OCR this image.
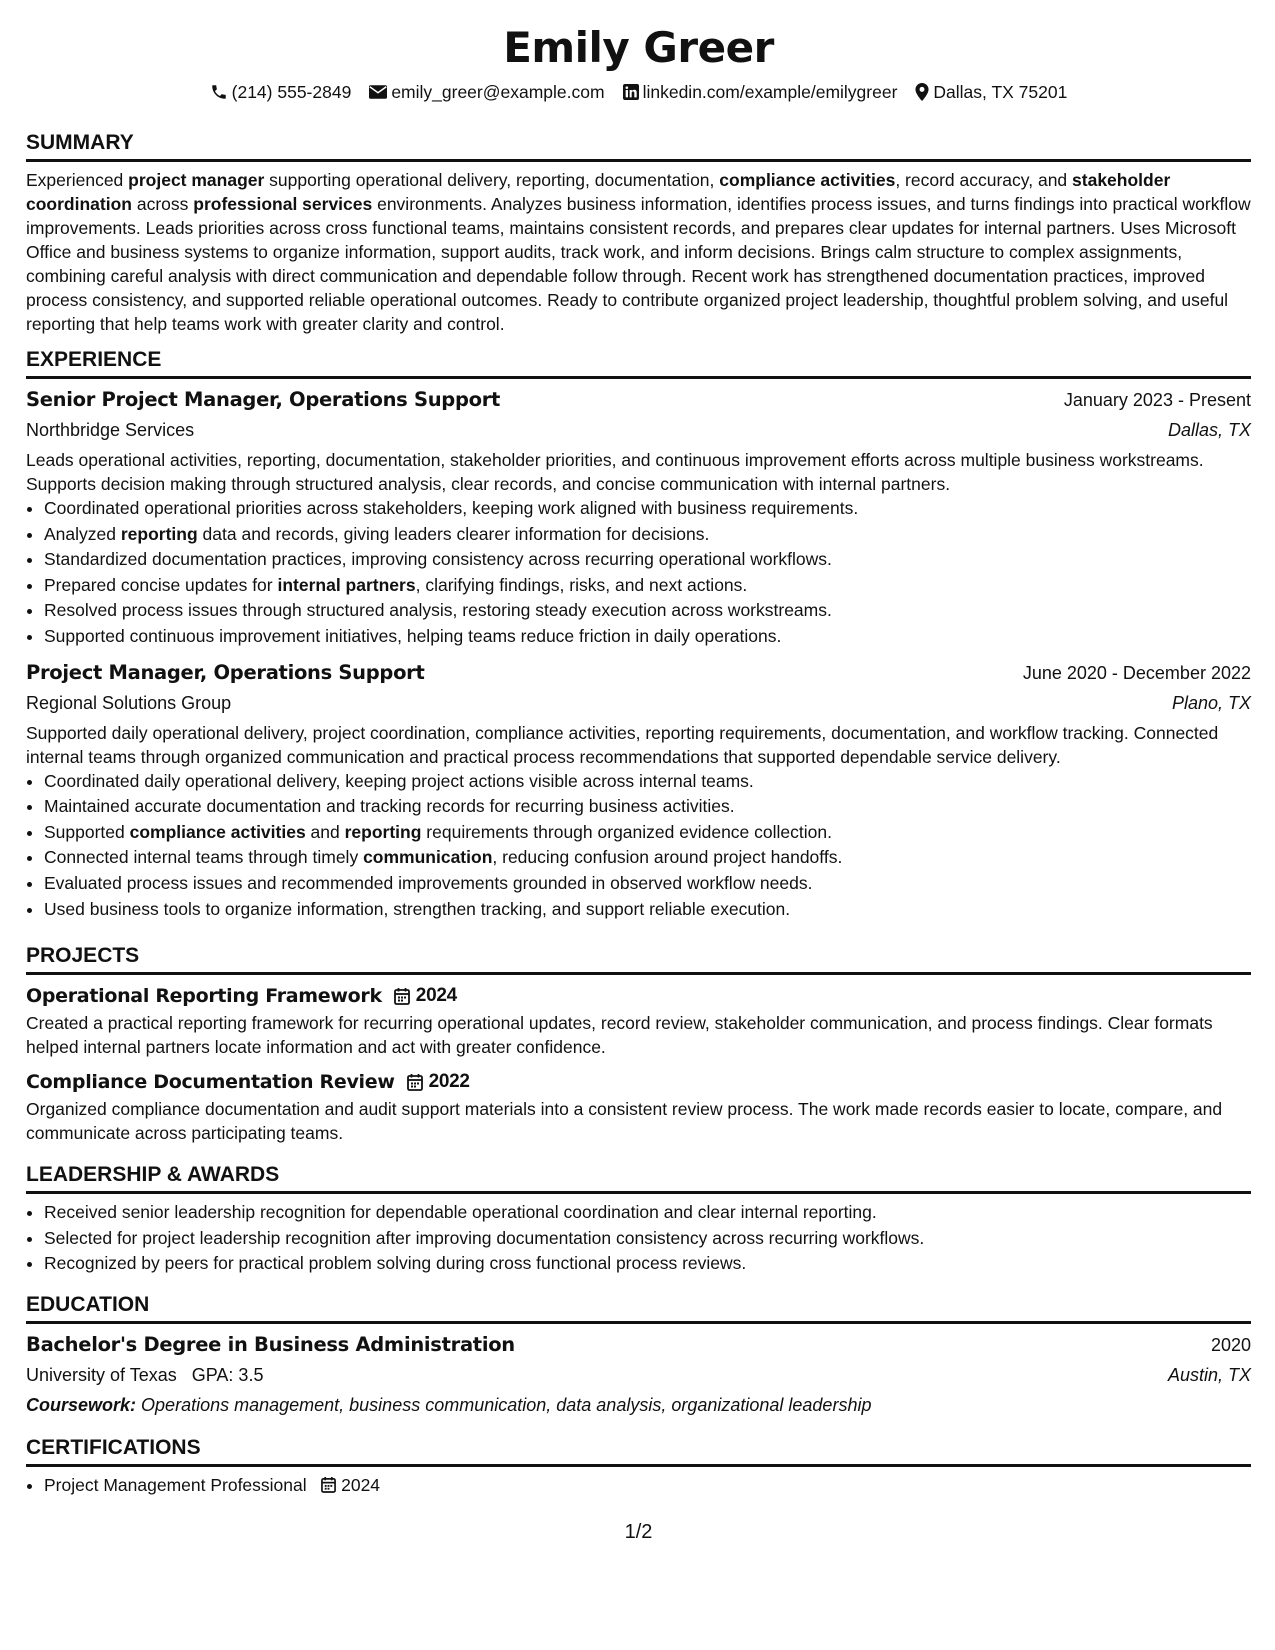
Emily Greer
(214) 555-2849 emily_greer@example.com linkedin.com/example/emilygreer Dallas, TX 75201
SUMMARY

Experienced project manager supporting operational delivery, reporting, documentation, compliance activities, record accuracy, and stakeholder coordination across professional services environments. Analyzes business information, identifies process issues, and turns findings into practical workflow improvements. Leads priorities across cross functional teams, maintains consistent records, and prepares clear updates for internal partners. Uses Microsoft Office and business systems to organize information, support audits, track work, and inform decisions. Brings calm structure to complex assignments, combining careful analysis with direct communication and dependable follow through. Recent work has strengthened documentation practices, improved process consistency, and supported reliable operational outcomes. Ready to contribute organized project leadership, thoughtful problem solving, and useful reporting that help teams work with greater clarity and control.

EXPERIENCE
Senior Project Manager, Operations Support	January 2023 - Present
Northbridge Services	Dallas, TX

Leads operational activities, reporting, documentation, stakeholder priorities, and continuous improvement efforts across multiple business workstreams. Supports decision making through structured analysis, clear records, and concise communication with internal partners.

• Coordinated operational priorities across stakeholders, keeping work aligned with business requirements.
• Analyzed reporting data and records, giving leaders clearer information for decisions.
• Standardized documentation practices, improving consistency across recurring operational workflows.
• Prepared concise updates for internal partners, clarifying findings, risks, and next actions.
• Resolved process issues through structured analysis, restoring steady execution across workstreams.
• Supported continuous improvement initiatives, helping teams reduce friction in daily operations.
Project Manager, Operations Support	June 2020 - December 2022
Regional Solutions Group	Plano, TX

Supported daily operational delivery, project coordination, compliance activities, reporting requirements, documentation, and workflow tracking. Connected internal teams through organized communication and practical process recommendations that supported dependable service delivery.

• Coordinated daily operational delivery, keeping project actions visible across internal teams.
• Maintained accurate documentation and tracking records for recurring business activities.
• Supported compliance activities and reporting requirements through organized evidence collection.
• Connected internal teams through timely communication, reducing confusion around project handoffs.
• Evaluated process issues and recommended improvements grounded in observed workflow needs.
• Used business tools to organize information, strengthen tracking, and support reliable execution.
PROJECTS
Operational Reporting Framework 2024

Created a practical reporting framework for recurring operational updates, record review, stakeholder communication, and process findings. Clear formats helped internal partners locate information and act with greater confidence.

Compliance Documentation Review 2022

Organized compliance documentation and audit support materials into a consistent review process. The work made records easier to locate, compare, and communicate across participating teams.

LEADERSHIP & AWARDS
• Received senior leadership recognition for dependable operational coordination and clear internal reporting.
• Selected for project leadership recognition after improving documentation consistency across recurring workflows.
• Recognized by peers for practical problem solving during cross functional process reviews.
EDUCATION
Bachelor's Degree in Business Administration	2020
University of Texas GPA: 3.5	Austin, TX
Coursework: Operations management, business communication, data analysis, organizational leadership
CERTIFICATIONS
• Project Management Professional 2024
1/2
